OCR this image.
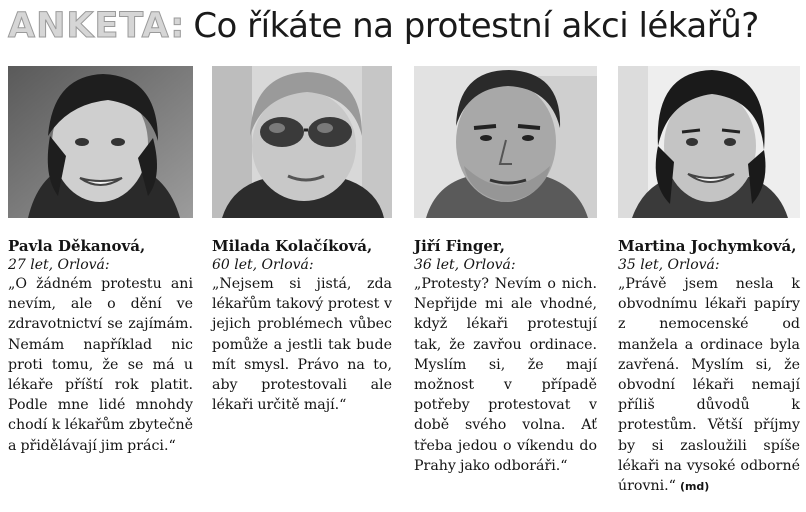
ANKETA: Co říkáte na protestní akci lékařů?
Pavla Děkanová,
27 let, Orlová:
„O žádném protestu ani nevím, ale o dění ve zdravotnictví se zajímám. Nemám například nic proti tomu, že se má u lékaře příští rok platit. Podle mne lidé mnohdy chodí k lékařům zbytečně a přidělávají jim práci.“
Milada Kolačíková,
60 let, Orlová:
„Nejsem si jistá, zda lékařům takový protest v jejich problémech vůbec pomůže a jestli tak bude mít smysl. Právo na to, aby protestovali ale lékaři určitě mají.“
Jiří Finger,
36 let, Orlová:
„Protesty? Nevím o nich. Nepřijde mi ale vhodné, když lékaři protestují tak, že zavřou ordinace. Myslím si, že mají možnost v případě potřeby protestovat v době svého volna. Ať třeba jedou o víkendu do Prahy jako odboráři.“
Martina Jochymková,
35 let, Orlová:
„Právě jsem nesla k obvodnímu lékaři papíry z nemocenské od manžela a ordinace byla zavřená. Myslím si, že obvodní lékaři nemají příliš důvodů k protestům. Větší příjmy by si zasloužili spíše lékaři na vysoké odborné úrovni.“ (md)
